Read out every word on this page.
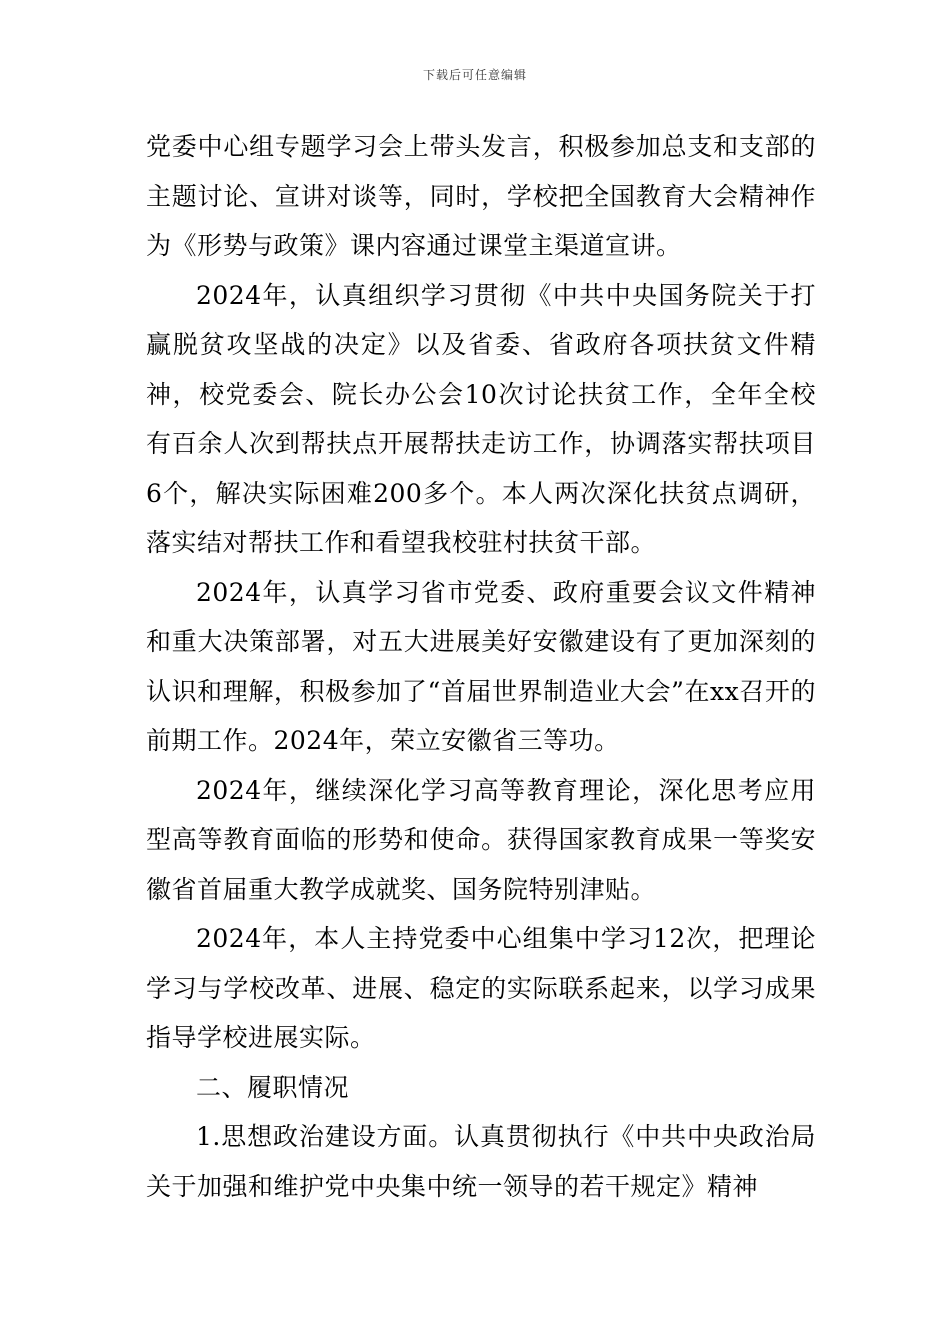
下载后可任意编辑

党委中心组专题学习会上带头发言，积极参加总支和支部的主题讨论、宣讲对谈等，同时，学校把全国教育大会精神作为《形势与政策》课内容通过课堂主渠道宣讲。

2024年，认真组织学习贯彻《中共中央国务院关于打赢脱贫攻坚战的决定》以及省委、省政府各项扶贫文件精神，校党委会、院长办公会10次讨论扶贫工作，全年全校有百余人次到帮扶点开展帮扶走访工作，协调落实帮扶项目6个，解决实际困难200多个。本人两次深化扶贫点调研，落实结对帮扶工作和看望我校驻村扶贫干部。

2024年，认真学习省市党委、政府重要会议文件精神和重大决策部署，对五大进展美好安徽建设有了更加深刻的认识和理解，积极参加了“首届世界制造业大会”在xx召开的前期工作。2024年，荣立安徽省三等功。

2024年，继续深化学习高等教育理论，深化思考应用型高等教育面临的形势和使命。获得国家教育成果一等奖安徽省首届重大教学成就奖、国务院特别津贴。

2024年，本人主持党委中心组集中学习12次，把理论学习与学校改革、进展、稳定的实际联系起来，以学习成果指导学校进展实际。

二、履职情况

1.思想政治建设方面。认真贯彻执行《中共中央政治局关于加强和维护党中央集中统一领导的若干规定》精神
